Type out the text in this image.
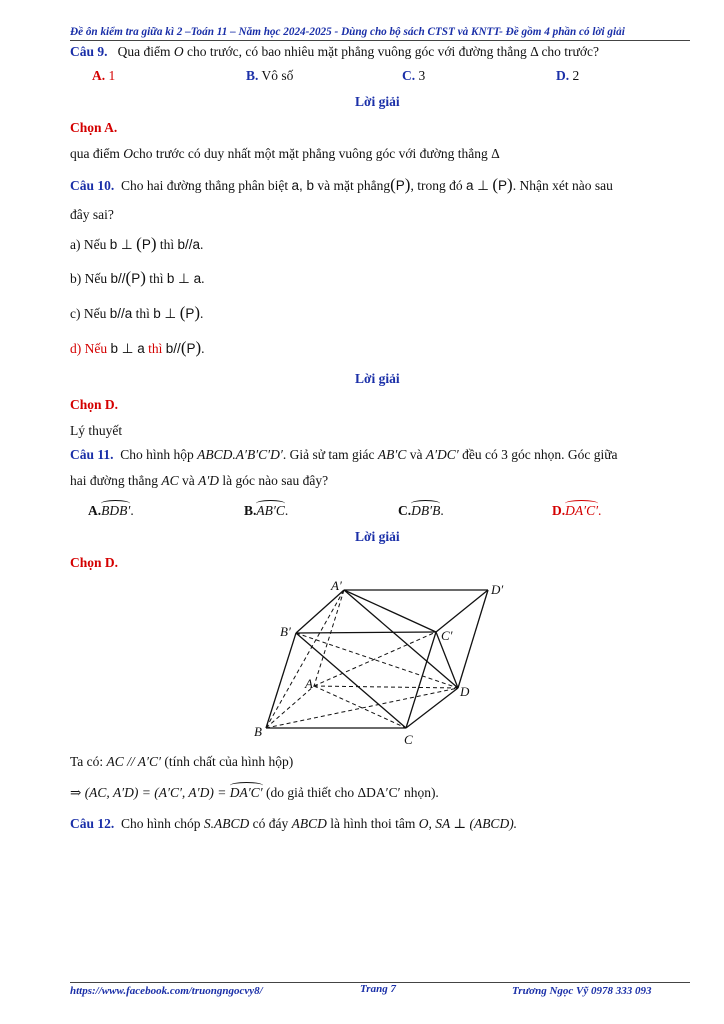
Đề ôn kiểm tra giữa kì 2 –Toán 11 – Năm học 2024-2025 - Dùng cho bộ sách CTST và KNTT- Đề gồm 4 phần có lời giải
Câu 9. Qua điểm O cho trước, có bao nhiêu mặt phẳng vuông góc với đường thẳng Δ cho trước?
A. 1	B. Vô số	C. 3	D. 2
Lời giải
Chọn A.
qua điểm Ocho trước có duy nhất một mặt phẳng vuông góc với đường thẳng Δ
Câu 10. Cho hai đường thẳng phân biệt a, b và mặt phẳng(P), trong đó a ⊥ (P). Nhận xét nào sau
đây sai?
a) Nếu b ⊥ (P) thì b//a.
b) Nếu b//(P) thì b ⊥ a.
c) Nếu b//a thì b ⊥ (P).
d) Nếu b ⊥ a thì b//(P).
Lời giải
Chọn D.
Lý thuyết
Câu 11. Cho hình hộp ABCD.A′B′C′D′. Giả sử tam giác AB′C và A′DC′ đều có 3 góc nhọn. Góc giữa
hai đường thẳng AC và A′D là góc nào sau đây?
A.BDB′.	B.AB′C.	C.DB′B.	D.DA′C′.
Lời giải
Chọn D.
A′	D′
B′	C′
A
D
B
C
Ta có: AC // A′C′ (tính chất của hình hộp)
⇒ (AC, A′D) = (A′C′, A′D) = DA′C′ (do giả thiết cho ΔDA′C′ nhọn).
Câu 12. Cho hình chóp S.ABCD có đáy ABCD là hình thoi tâm O, SA ⊥ (ABCD).
https://www.facebook.com/truongngocvy8/	Trang 7	Trương Ngọc Vỹ 0978 333 093
